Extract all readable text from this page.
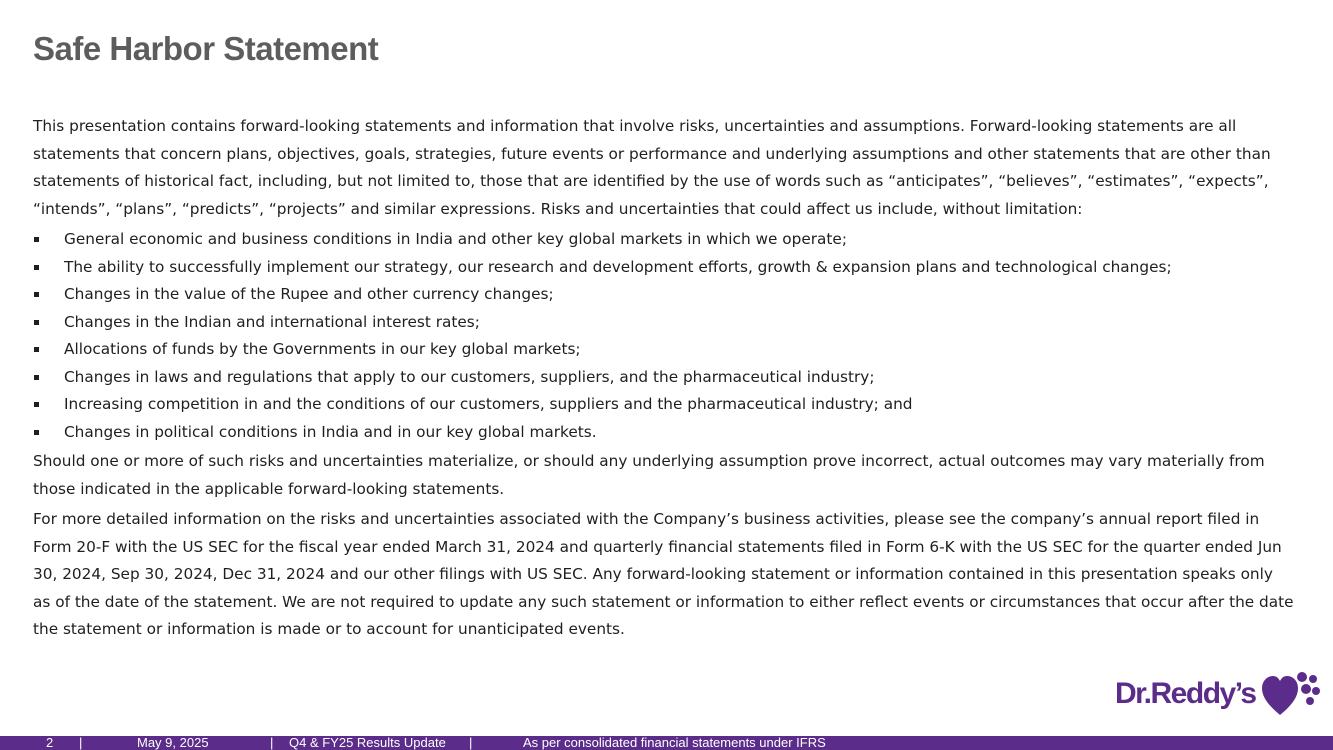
Safe Harbor Statement

This presentation contains forward-looking statements and information that involve risks, uncertainties and assumptions. Forward-looking statements are all statements that concern plans, objectives, goals, strategies, future events or performance and underlying assumptions and other statements that are other than statements of historical fact, including, but not limited to, those that are identified by the use of words such as “anticipates”, “believes”, “estimates”, “expects”, “intends”, “plans”, “predicts”, “projects” and similar expressions. Risks and uncertainties that could affect us include, without limitation:

General economic and business conditions in India and other key global markets in which we operate;
The ability to successfully implement our strategy, our research and development efforts, growth & expansion plans and technological changes;
Changes in the value of the Rupee and other currency changes;
Changes in the Indian and international interest rates;
Allocations of funds by the Governments in our key global markets;
Changes in laws and regulations that apply to our customers, suppliers, and the pharmaceutical industry;
Increasing competition in and the conditions of our customers, suppliers and the pharmaceutical industry; and
Changes in political conditions in India and in our key global markets.

Should one or more of such risks and uncertainties materialize, or should any underlying assumption prove incorrect, actual outcomes may vary materially from those indicated in the applicable forward-looking statements.

For more detailed information on the risks and uncertainties associated with the Company’s business activities, please see the company’s annual report filed in Form 20-F with the US SEC for the fiscal year ended March 31, 2024 and quarterly financial statements filed in Form 6-K with the US SEC for the quarter ended Jun 30, 2024, Sep 30, 2024, Dec 31, 2024 and our other filings with US SEC. Any forward-looking statement or information contained in this presentation speaks only as of the date of the statement. We are not required to update any such statement or information to either reflect events or circumstances that occur after the date the statement or information is made or to account for unanticipated events.

Dr.Reddy’s
2 |	May 9, 2025	| Q4 & FY25 Results Update |	As per consolidated financial statements under IFRS
